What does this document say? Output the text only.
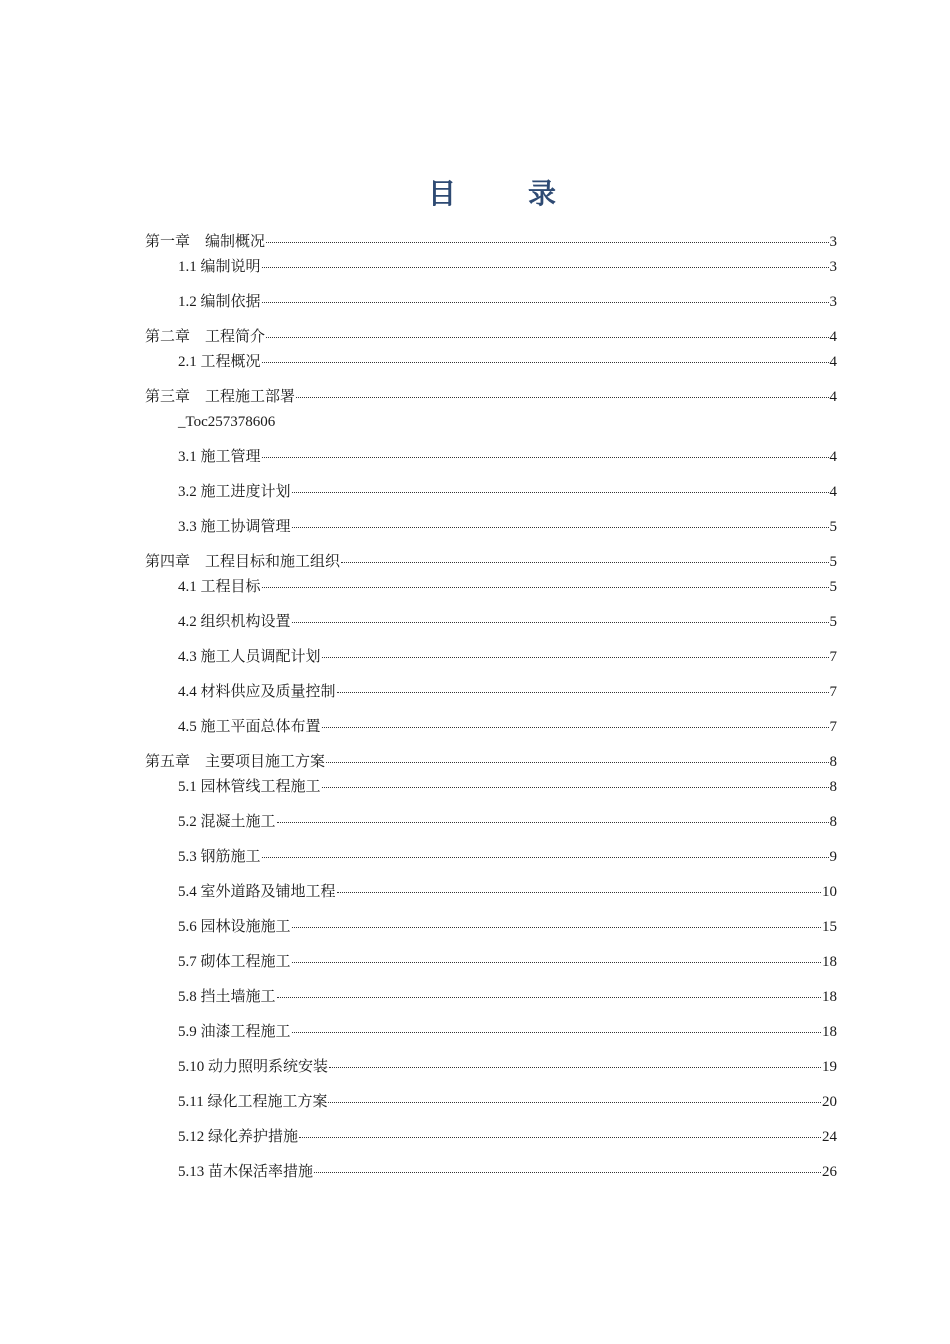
目	录
第一章　编制概况	3
1.1 编制说明	3
1.2 编制依据	3
第二章　工程简介	4
2.1 工程概况	4
第三章　工程施工部署	4
_Toc257378606
3.1 施工管理	4
3.2 施工进度计划	4
3.3 施工协调管理	5
第四章　工程目标和施工组织	5
4.1 工程目标	5
4.2 组织机构设置	5
4.3 施工人员调配计划	7
4.4 材料供应及质量控制	7
4.5 施工平面总体布置	7
第五章　主要项目施工方案	8
5.1 园林管线工程施工	8
5.2 混凝土施工	8
5.3 钢筋施工	9
5.4 室外道路及铺地工程	10
5.6 园林设施施工	15
5.7 砌体工程施工	18
5.8 挡土墙施工	18
5.9 油漆工程施工	18
5.10 动力照明系统安装	19
5.11 绿化工程施工方案	20
5.12 绿化养护措施	24
5.13 苗木保活率措施	26
